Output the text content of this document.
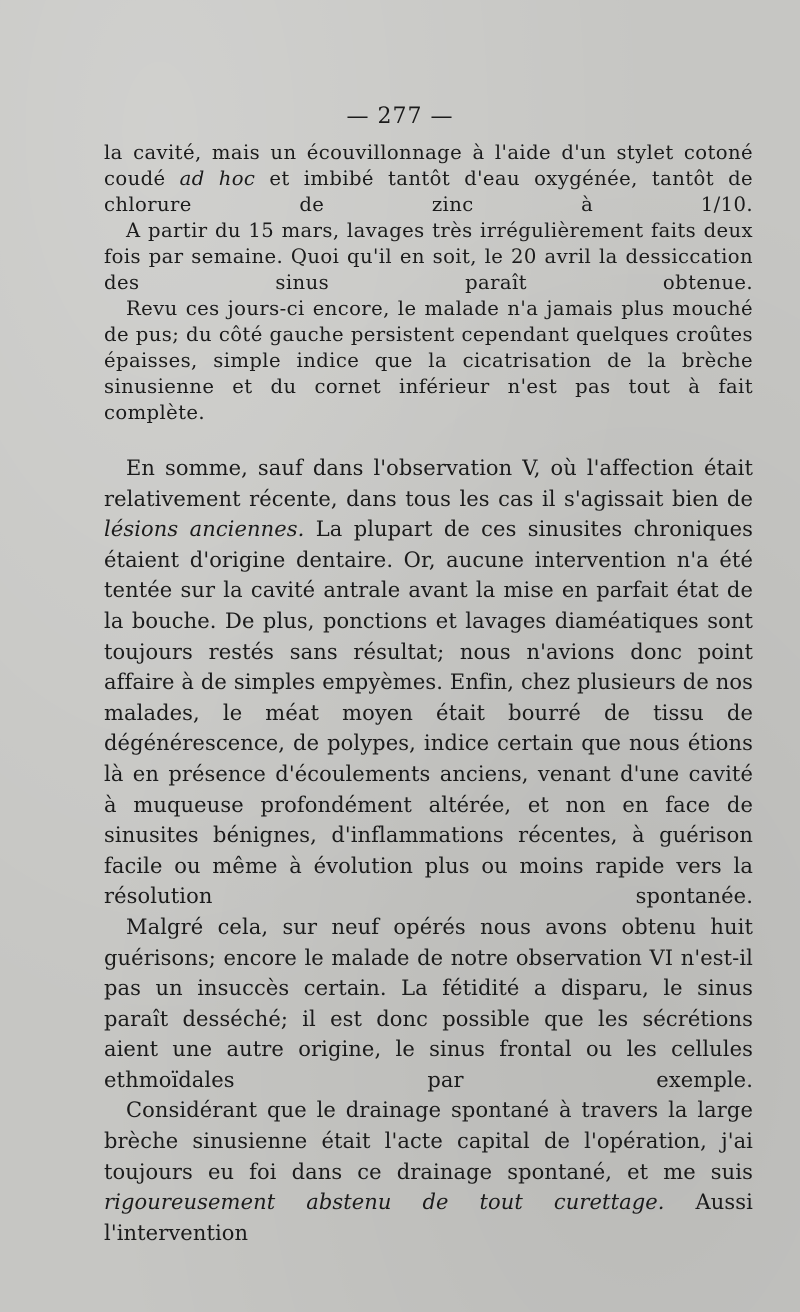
— 277 —

la cavité, mais un écouvillonnage à l'aide d'un stylet cotoné coudé ad hoc et imbibé tantôt d'eau oxygénée, tantôt de chlorure de zinc à 1/10.

A partir du 15 mars, lavages très irrégulièrement faits deux fois par semaine. Quoi qu'il en soit, le 20 avril la dessiccation des sinus paraît obtenue.

Revu ces jours-ci encore, le malade n'a jamais plus mouché de pus; du côté gauche persistent cependant quelques croûtes épaisses, simple indice que la cicatrisation de la brèche sinusienne et du cornet inférieur n'est pas tout à fait complète.

En somme, sauf dans l'observation V, où l'affection était relativement récente, dans tous les cas il s'agissait bien de lésions anciennes. La plupart de ces sinusites chroniques étaient d'origine dentaire. Or, aucune intervention n'a été tentée sur la cavité antrale avant la mise en parfait état de la bouche. De plus, ponctions et lavages diaméatiques sont toujours restés sans résultat; nous n'avions donc point affaire à de simples empyèmes. Enfin, chez plusieurs de nos malades, le méat moyen était bourré de tissu de dégénérescence, de polypes, indice certain que nous étions là en présence d'écoulements anciens, venant d'une cavité à muqueuse profondément altérée, et non en face de sinusites bénignes, d'inflammations récentes, à guérison facile ou même à évolution plus ou moins rapide vers la résolution spontanée.

Malgré cela, sur neuf opérés nous avons obtenu huit guérisons; encore le malade de notre observation VI n'est-il pas un insuccès certain. La fétidité a disparu, le sinus paraît desséché; il est donc possible que les sécrétions aient une autre origine, le sinus frontal ou les cellules ethmoïdales par exemple.

Considérant que le drainage spontané à travers la large brèche sinusienne était l'acte capital de l'opération, j'ai toujours eu foi dans ce drainage spontané, et me suis rigoureusement abstenu de tout curettage. Aussi l'intervention
